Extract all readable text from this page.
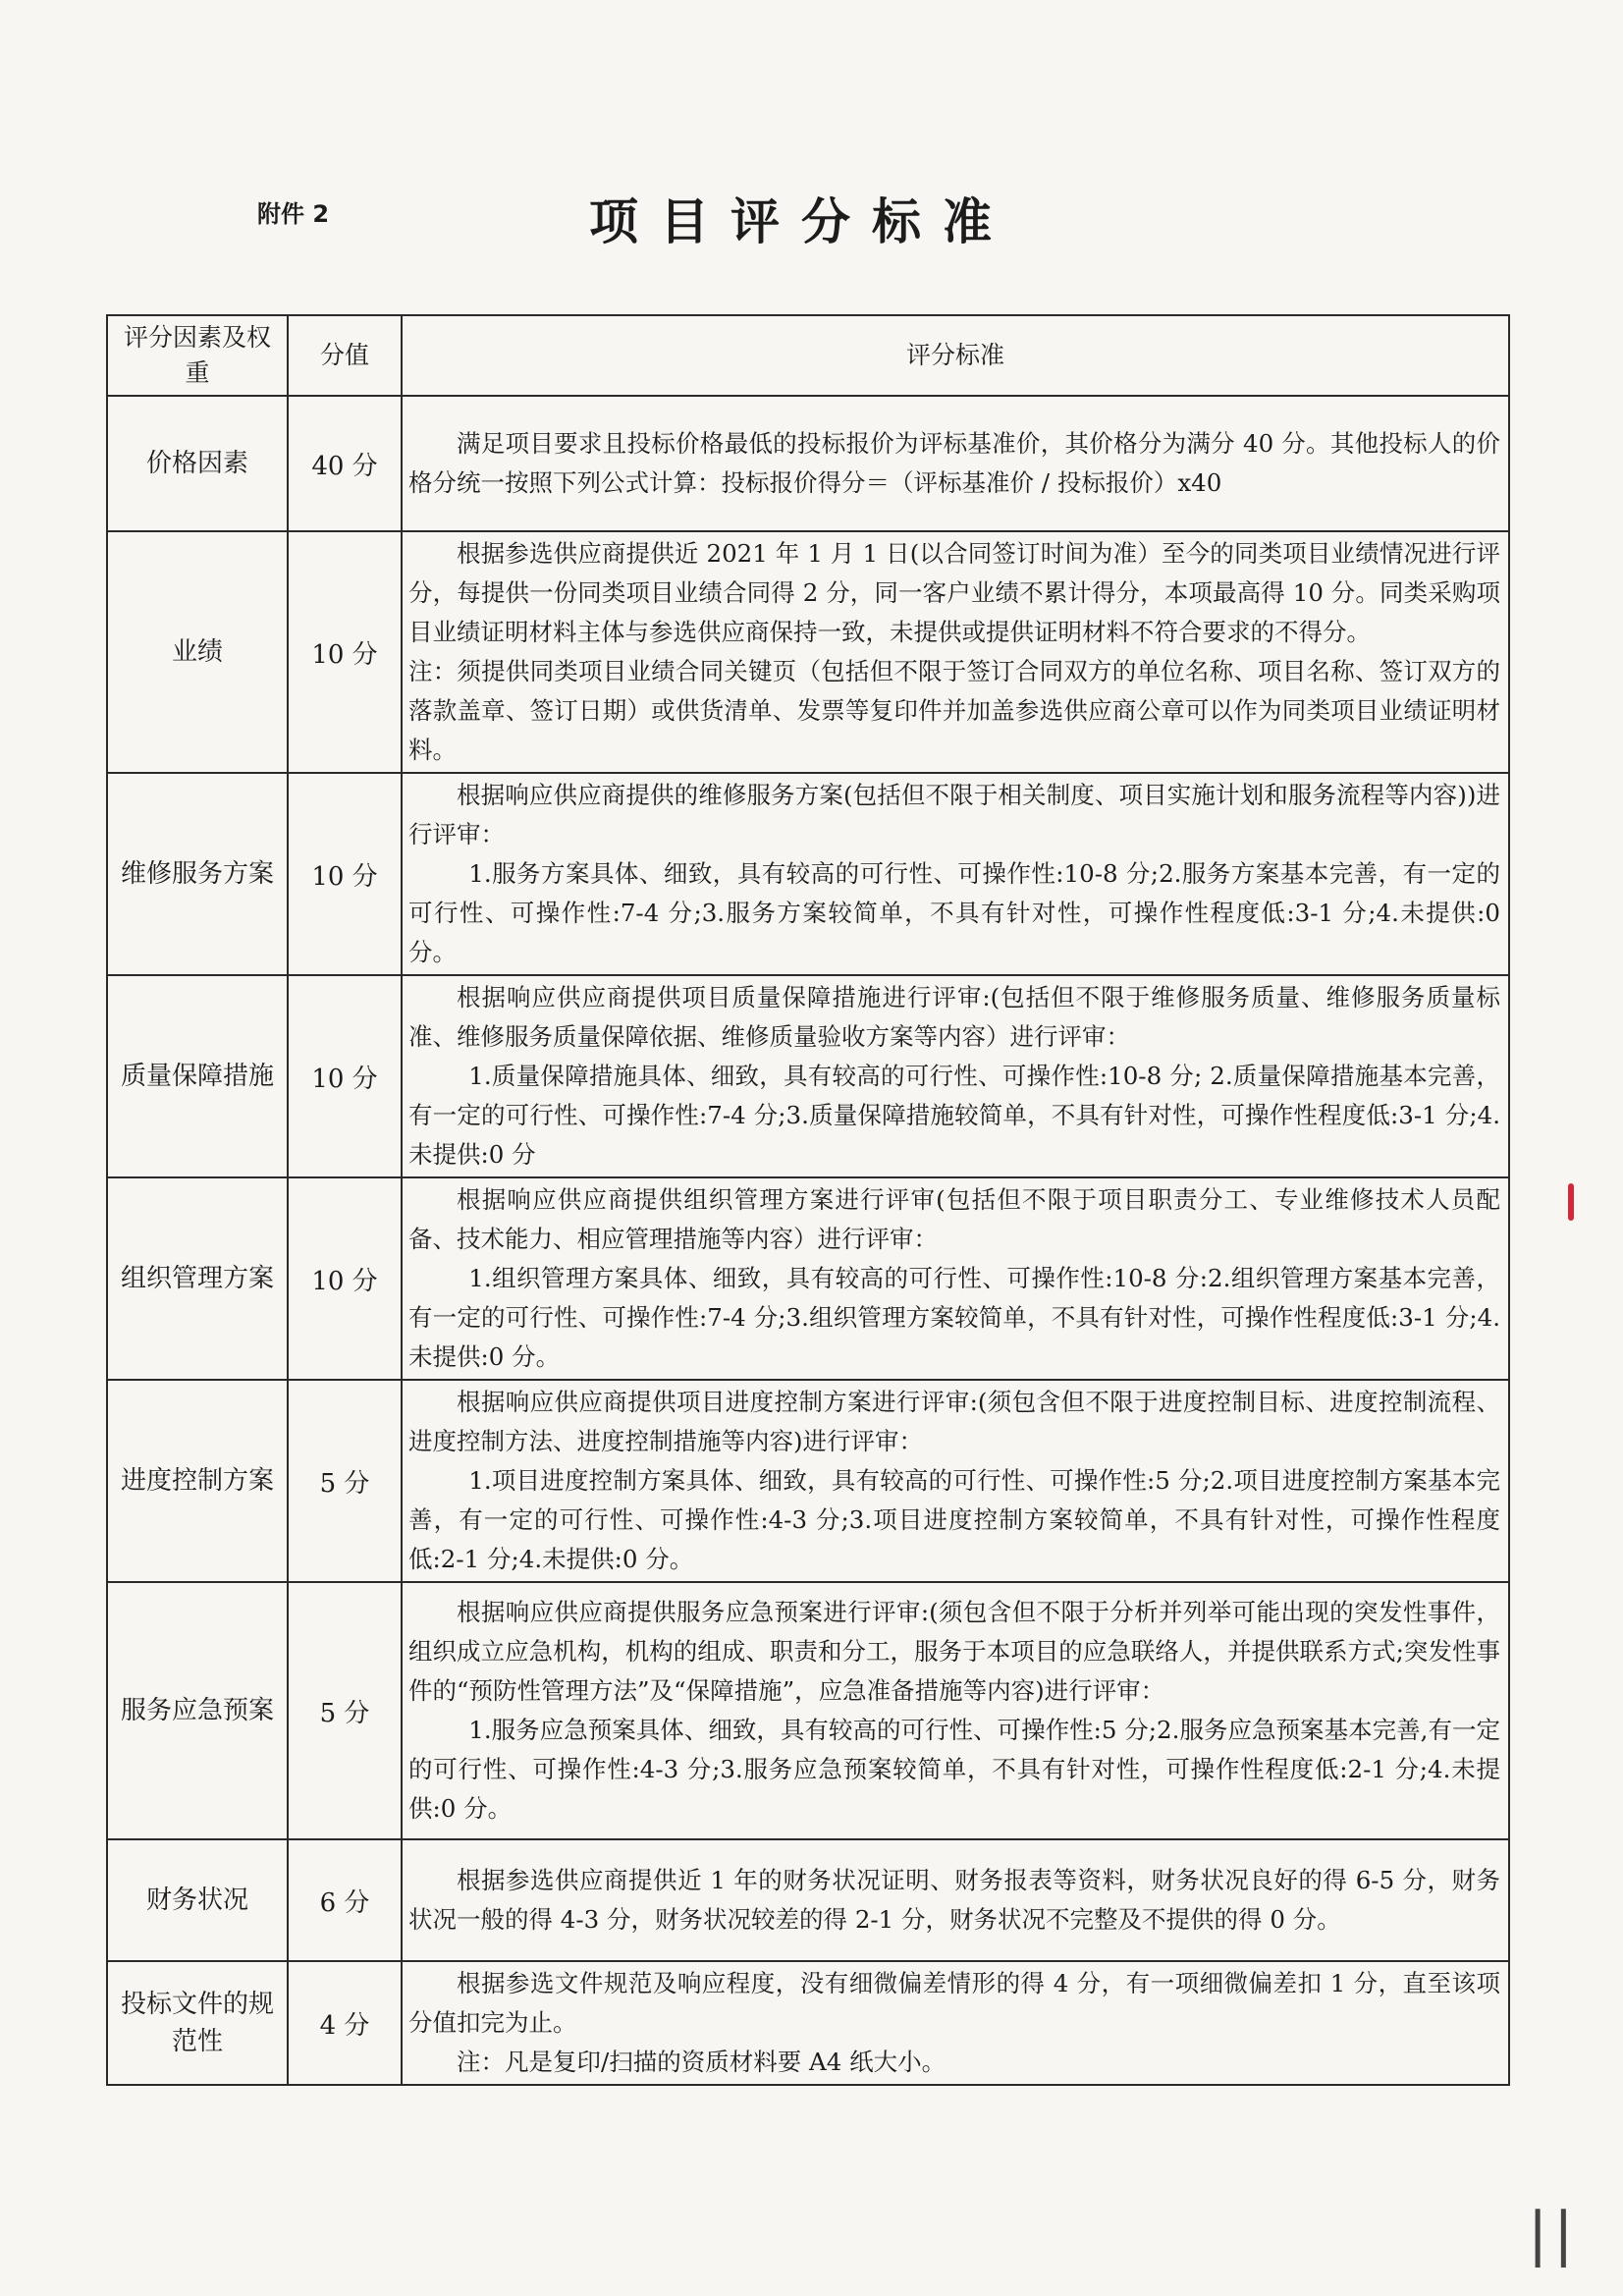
附件 2	项目评分标准
评分因素及权重	分值	评分标准
价格因素	40 分	满足项目要求且投标价格最低的投标报价为评标基准价，其价格分为满分 40 分。其他投标人的价格分统一按照下列公式计算：投标报价得分＝（评标基准价 / 投标报价）x40

业绩	10 分	根据参选供应商提供近 2021 年 1 月 1 日(以合同签订时间为准）至今的同类项目业绩情况进行评分，每提供一份同类项目业绩合同得 2 分，同一客户业绩不累计得分，本项最高得 10 分。同类采购项目业绩证明材料主体与参选供应商保持一致，未提供或提供证明材料不符合要求的不得分。
注：须提供同类项目业绩合同关键页（包括但不限于签订合同双方的单位名称、项目名称、签订双方的落款盖章、签订日期）或供货清单、发票等复印件并加盖参选供应商公章可以作为同类项目业绩证明材料。

维修服务方案	10 分	根据响应供应商提供的维修服务方案(包括但不限于相关制度、项目实施计划和服务流程等内容))进行评审：
1.服务方案具体、细致，具有较高的可行性、可操作性:10-8 分;2.服务方案基本完善，有一定的可行性、可操作性:7-4 分;3.服务方案较简单，不具有针对性，可操作性程度低:3-1 分;4.未提供:0 分。

质量保障措施	10 分	根据响应供应商提供项目质量保障措施进行评审:(包括但不限于维修服务质量、维修服务质量标准、维修服务质量保障依据、维修质量验收方案等内容）进行评审：
1.质量保障措施具体、细致，具有较高的可行性、可操作性:10-8 分; 2.质量保障措施基本完善，有一定的可行性、可操作性:7-4 分;3.质量保障措施较简单，不具有针对性，可操作性程度低:3-1 分;4.未提供:0 分

组织管理方案	10 分	根据响应供应商提供组织管理方案进行评审(包括但不限于项目职责分工、专业维修技术人员配备、技术能力、相应管理措施等内容）进行评审：
1.组织管理方案具体、细致，具有较高的可行性、可操作性:10-8 分:2.组织管理方案基本完善，有一定的可行性、可操作性:7-4 分;3.组织管理方案较简单，不具有针对性，可操作性程度低:3-1 分;4.未提供:0 分。

进度控制方案	5 分	根据响应供应商提供项目进度控制方案进行评审:(须包含但不限于进度控制目标、进度控制流程、进度控制方法、进度控制措施等内容)进行评审：
1.项目进度控制方案具体、细致，具有较高的可行性、可操作性:5 分;2.项目进度控制方案基本完善，有一定的可行性、可操作性:4-3 分;3.项目进度控制方案较简单，不具有针对性，可操作性程度低:2-1 分;4.未提供:0 分。

服务应急预案	5 分	根据响应供应商提供服务应急预案进行评审:(须包含但不限于分析并列举可能出现的突发性事件，组织成立应急机构，机构的组成、职责和分工，服务于本项目的应急联络人，并提供联系方式;突发性事件的“预防性管理方法”及“保障措施”，应急准备措施等内容)进行评审：
1.服务应急预案具体、细致，具有较高的可行性、可操作性:5 分;2.服务应急预案基本完善,有一定的可行性、可操作性:4-3 分;3.服务应急预案较简单，不具有针对性，可操作性程度低:2-1 分;4.未提供:0 分。

财务状况	6 分	根据参选供应商提供近 1 年的财务状况证明、财务报表等资料，财务状况良好的得 6-5 分，财务状况一般的得 4-3 分，财务状况较差的得 2-1 分，财务状况不完整及不提供的得 0 分。

投标文件的规范性	4 分	根据参选文件规范及响应程度，没有细微偏差情形的得 4 分，有一项细微偏差扣 1 分，直至该项分值扣完为止。
注：凡是复印/扫描的资质材料要 A4 纸大小。
||
